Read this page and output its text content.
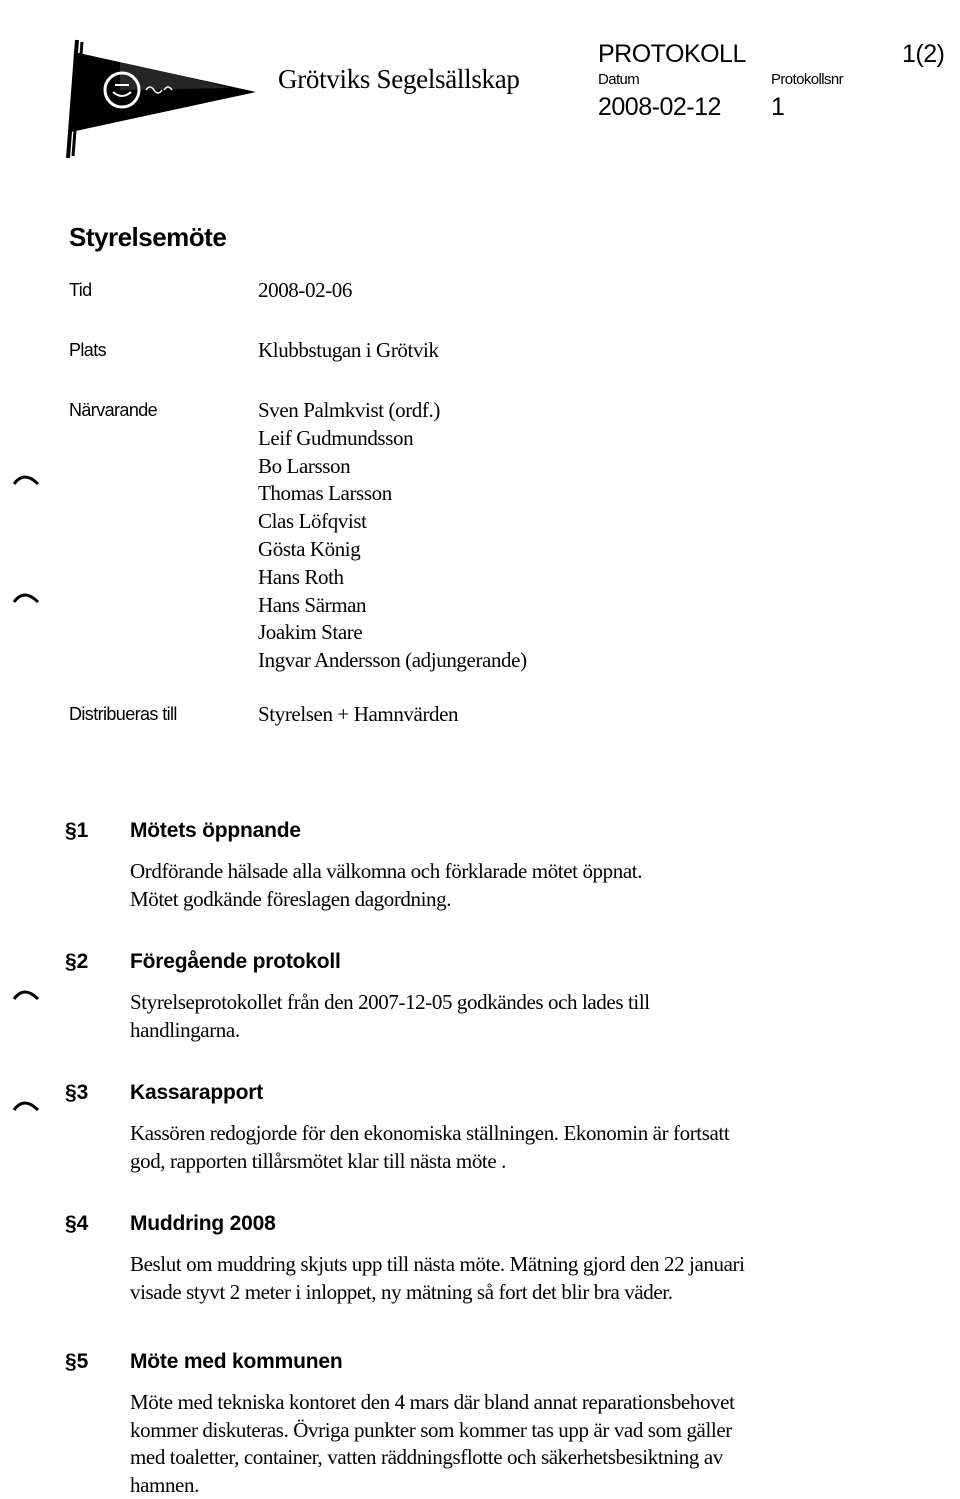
Grötviks Segelsällskap
PROTOKOLL	1(2)
Datum	Protokollsnr
2008-02-12 1
Styrelsemöte
Tid	2008-02-06
Plats	Klubbstugan i Grötvik
Närvarande	Sven Palmkvist (ordf.)
Leif Gudmundsson
Bo Larsson
Thomas Larsson
Clas Löfqvist
Gösta König
Hans Roth
Hans Särman
Joakim Stare
Ingvar Andersson (adjungerande)
Distribueras till	Styrelsen + Hamnvärden
§1 Mötets öppnande
Ordförande hälsade alla välkomna och förklarade mötet öppnat.
Mötet godkände föreslagen dagordning.
§2 Föregående protokoll
Styrelseprotokollet från den 2007-12-05 godkändes och lades till
handlingarna.
§3 Kassarapport
Kassören redogjorde för den ekonomiska ställningen. Ekonomin är fortsatt
god, rapporten tillårsmötet klar till nästa möte .
§4 Muddring 2008
Beslut om muddring skjuts upp till nästa möte. Mätning gjord den 22 januari
visade styvt 2 meter i inloppet, ny mätning så fort det blir bra väder.
§5 Möte med kommunen
Möte med tekniska kontoret den 4 mars där bland annat reparationsbehovet
kommer diskuteras. Övriga punkter som kommer tas upp är vad som gäller
med toaletter, container, vatten räddningsflotte och säkerhetsbesiktning av
hamnen.
